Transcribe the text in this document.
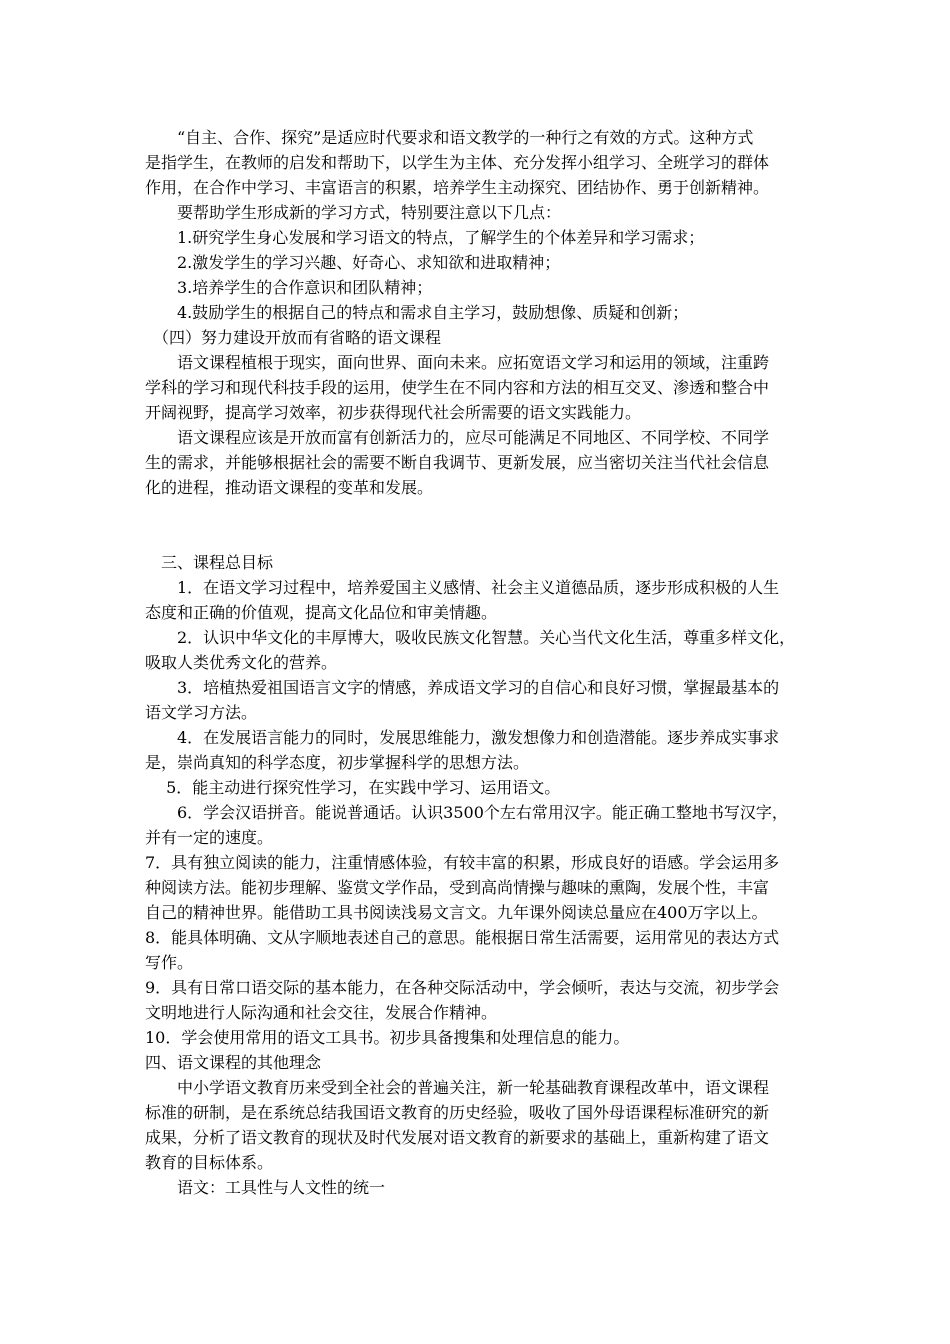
　　“自主、合作、探究”是适应时代要求和语文教学的一种行之有效的方式。这种方式
是指学生，在教师的启发和帮助下，以学生为主体、充分发挥小组学习、全班学习的群体
作用，在合作中学习、丰富语言的积累，培养学生主动探究、团结协作、勇于创新精神。
　　要帮助学生形成新的学习方式，特别要注意以下几点：
　　1.研究学生身心发展和学习语文的特点，了解学生的个体差异和学习需求；
　　2.激发学生的学习兴趣、好奇心、求知欲和进取精神；
　　3.培养学生的合作意识和团队精神；
　　4.鼓励学生的根据自己的特点和需求自主学习，鼓励想像、质疑和创新；
　（四）努力建设开放而有省略的语文课程
　　语文课程植根于现实，面向世界、面向未来。应拓宽语文学习和运用的领域，注重跨
学科的学习和现代科技手段的运用，使学生在不同内容和方法的相互交叉、渗透和整合中
开阔视野，提高学习效率，初步获得现代社会所需要的语文实践能力。
　　语文课程应该是开放而富有创新活力的，应尽可能满足不同地区、不同学校、不同学
生的需求，并能够根据社会的需要不断自我调节、更新发展，应当密切关注当代社会信息
化的进程，推动语文课程的变革和发展。
　三、课程总目标
　　1．在语文学习过程中，培养爱国主义感情、社会主义道德品质，逐步形成积极的人生
态度和正确的价值观，提高文化品位和审美情趣。
　　2．认识中华文化的丰厚博大，吸收民族文化智慧。关心当代文化生活，尊重多样文化，
吸取人类优秀文化的营养。
　　3．培植热爱祖国语言文字的情感，养成语文学习的自信心和良好习惯，掌握最基本的
语文学习方法。
　　4．在发展语言能力的同时，发展思维能力，激发想像力和创造潜能。逐步养成实事求
是，崇尚真知的科学态度，初步掌握科学的思想方法。
　 5．能主动进行探究性学习，在实践中学习、运用语文。
　　6．学会汉语拼音。能说普通话。认识3500个左右常用汉字。能正确工整地书写汉字，
并有一定的速度。
7．具有独立阅读的能力，注重情感体验，有较丰富的积累，形成良好的语感。学会运用多
种阅读方法。能初步理解、鉴赏文学作品，受到高尚情操与趣味的熏陶，发展个性，丰富
自己的精神世界。能借助工具书阅读浅易文言文。九年课外阅读总量应在400万字以上。
8．能具体明确、文从字顺地表述自己的意思。能根据日常生活需要，运用常见的表达方式
写作。
9．具有日常口语交际的基本能力，在各种交际活动中，学会倾听，表达与交流，初步学会
文明地进行人际沟通和社会交往，发展合作精神。
10．学会使用常用的语文工具书。初步具备搜集和处理信息的能力。
四、语文课程的其他理念
　　中小学语文教育历来受到全社会的普遍关注，新一轮基础教育课程改革中，语文课程
标准的研制，是在系统总结我国语文教育的历史经验，吸收了国外母语课程标准研究的新
成果，分析了语文教育的现状及时代发展对语文教育的新要求的基础上，重新构建了语文
教育的目标体系。
　　语文：工具性与人文性的统一
